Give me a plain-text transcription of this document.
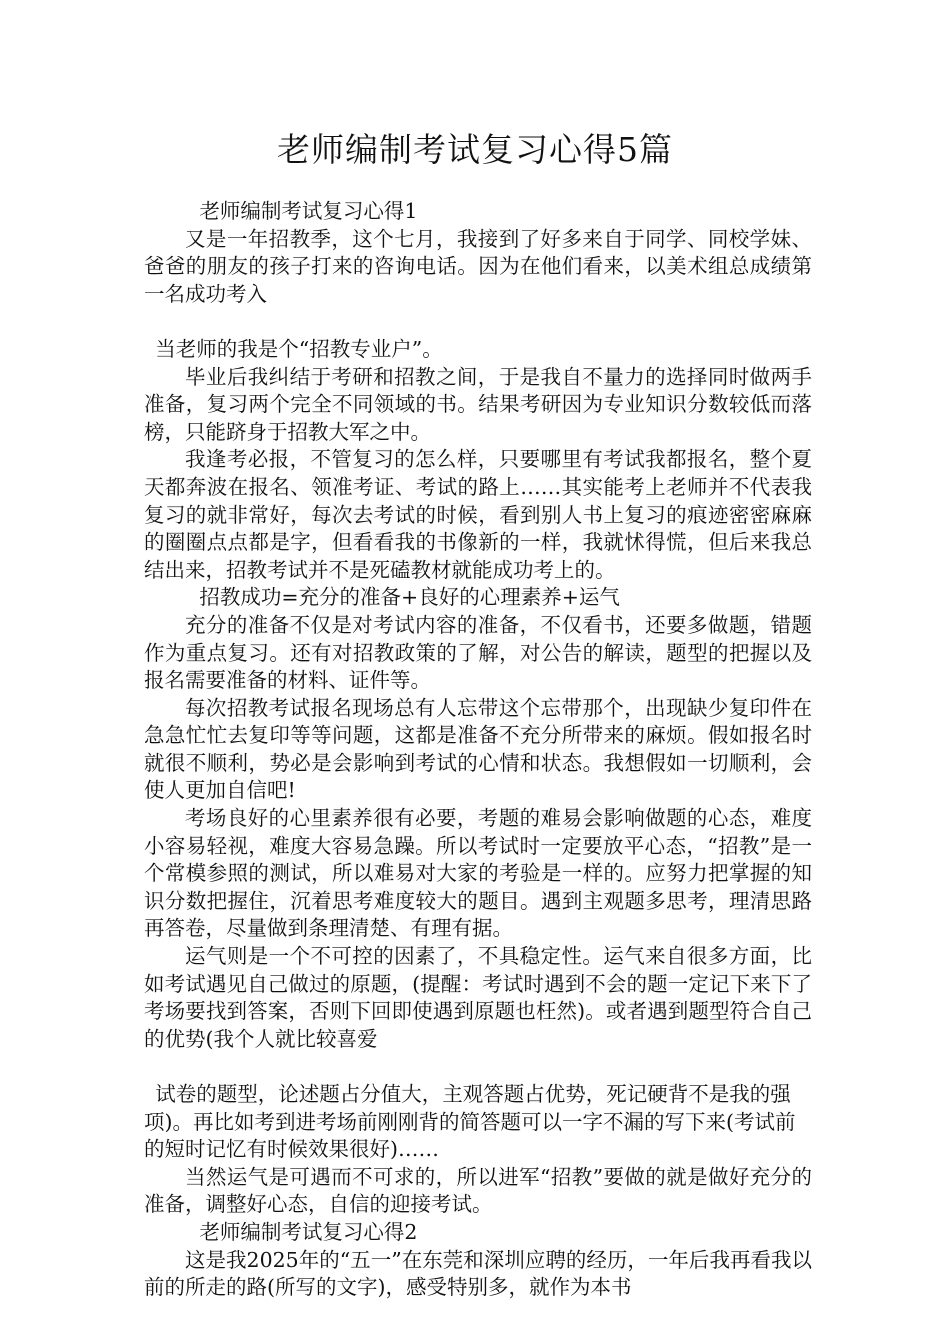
老师编制考试复习心得5篇

老师编制考试复习心得1

又是一年招教季，这个七月，我接到了好多来自于同学、同校学妹、爸爸的朋友的孩子打来的咨询电话。因为在他们看来，以美术组总成绩第一名成功考入

当老师的我是个“招教专业户”。

毕业后我纠结于考研和招教之间，于是我自不量力的选择同时做两手准备，复习两个完全不同领域的书。结果考研因为专业知识分数较低而落榜，只能跻身于招教大军之中。

我逢考必报，不管复习的怎么样，只要哪里有考试我都报名，整个夏天都奔波在报名、领准考证、考试的路上……其实能考上老师并不代表我复习的就非常好，每次去考试的时候，看到别人书上复习的痕迹密密麻麻的圈圈点点都是字，但看看我的书像新的一样，我就怵得慌，但后来我总结出来，招教考试并不是死磕教材就能成功考上的。

招教成功=充分的准备+良好的心理素养+运气

充分的准备不仅是对考试内容的准备，不仅看书，还要多做题，错题作为重点复习。还有对招教政策的了解，对公告的解读，题型的把握以及报名需要准备的材料、证件等。

每次招教考试报名现场总有人忘带这个忘带那个，出现缺少复印件在急急忙忙去复印等等问题，这都是准备不充分所带来的麻烦。假如报名时就很不顺利，势必是会影响到考试的心情和状态。我想假如一切顺利，会使人更加自信吧!

考场良好的心里素养很有必要，考题的难易会影响做题的心态，难度小容易轻视，难度大容易急躁。所以考试时一定要放平心态，“招教”是一个常模参照的测试，所以难易对大家的考验是一样的。应努力把掌握的知识分数把握住，沉着思考难度较大的题目。遇到主观题多思考，理清思路再答卷，尽量做到条理清楚、有理有据。

运气则是一个不可控的因素了，不具稳定性。运气来自很多方面，比如考试遇见自己做过的原题，(提醒：考试时遇到不会的题一定记下来下了考场要找到答案，否则下回即使遇到原题也枉然)。或者遇到题型符合自己的优势(我个人就比较喜爱

试卷的题型，论述题占分值大，主观答题占优势，死记硬背不是我的强项)。再比如考到进考场前刚刚背的简答题可以一字不漏的写下来(考试前的短时记忆有时候效果很好)……

当然运气是可遇而不可求的，所以进军“招教”要做的就是做好充分的准备，调整好心态，自信的迎接考试。

老师编制考试复习心得2

这是我2025年的“五一”在东莞和深圳应聘的经历，一年后我再看我以前的所走的路(所写的文字)，感受特别多，就作为本书
